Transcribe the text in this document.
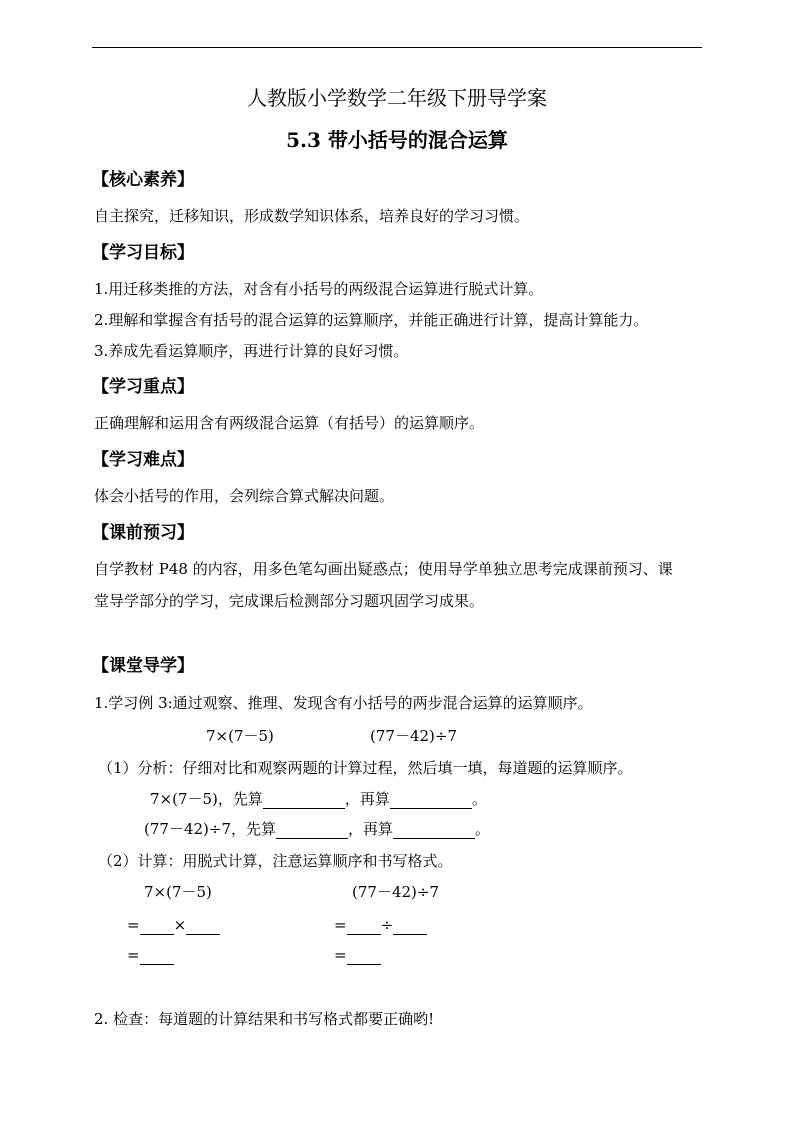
人教版小学数学二年级下册导学案
5.3 带小括号的混合运算
【核心素养】
自主探究，迁移知识，形成数学知识体系，培养良好的学习习惯。
【学习目标】
1.用迁移类推的方法，对含有小括号的两级混合运算进行脱式计算。
2.理解和掌握含有括号的混合运算的运算顺序，并能正确进行计算，提高计算能力。
3.养成先看运算顺序，再进行计算的良好习惯。
【学习重点】
正确理解和运用含有两级混合运算（有括号）的运算顺序。
【学习难点】
体会小括号的作用，会列综合算式解决问题。
【课前预习】
自学教材 P48 的内容，用多色笔勾画出疑惑点；使用导学单独立思考完成课前预习、课
堂导学部分的学习，完成课后检测部分习题巩固学习成果。
【课堂导学】
1.学习例 3:通过观察、推理、发现含有小括号的两步混合运算的运算顺序。
7×(7－5)	(77－42)÷7
（1）分析：仔细对比和观察两题的计算过程，然后填一填，每道题的运算顺序。
7×(7－5)，先算	，再算	。
(77－42)÷7，先算	，再算	。
（2）计算：用脱式计算，注意运算顺序和书写格式。
7×(7－5)	(77－42)÷7
= ×	= ÷
=	=
2. 检查：每道题的计算结果和书写格式都要正确哟!
